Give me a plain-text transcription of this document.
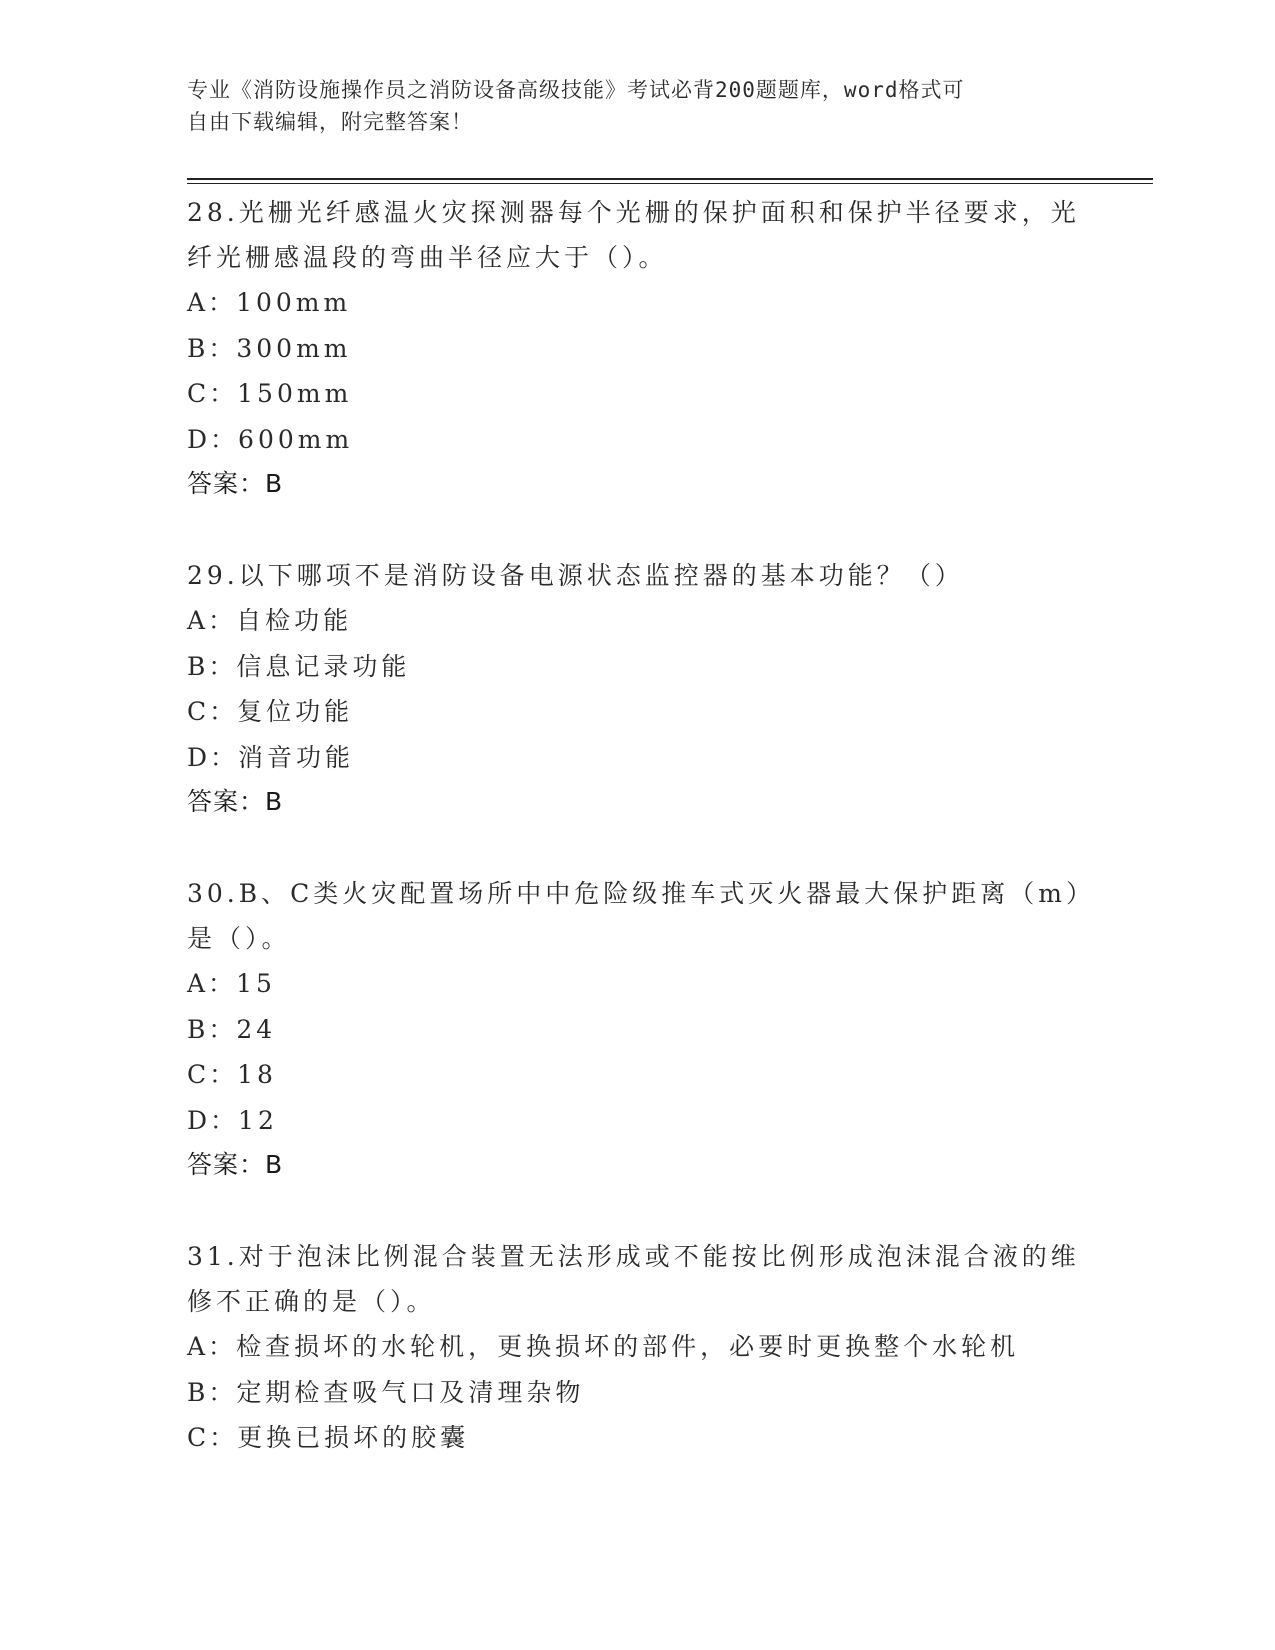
专业《消防设施操作员之消防设备高级技能》考试必背200题题库，word格式可
自由下载编辑，附完整答案！
28.光栅光纤感温火灾探测器每个光栅的保护面积和保护半径要求，光
纤光栅感温段的弯曲半径应大于（）。
A：100mm
B：300mm
C：150mm
D：600mm
答案：B
29.以下哪项不是消防设备电源状态监控器的基本功能？（）
A：自检功能
B：信息记录功能
C：复位功能
D：消音功能
答案：B
30.B、C类火灾配置场所中中危险级推车式灭火器最大保护距离（m）
是（）。
A：15
B：24
C：18
D：12
答案：B
31.对于泡沫比例混合装置无法形成或不能按比例形成泡沫混合液的维
修不正确的是（）。
A：检查损坏的水轮机，更换损坏的部件，必要时更换整个水轮机
B：定期检查吸气口及清理杂物
C：更换已损坏的胶囊
